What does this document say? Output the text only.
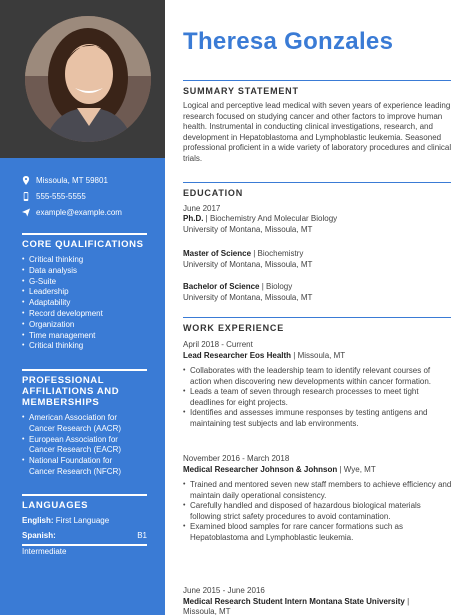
Missoula, MT 59801
555-555-5555
example@example.com
CORE QUALIFICATIONS
• Critical thinking
• Data analysis
• G-Suite
• Leadership
• Adaptability
• Record development
• Organization
• Time management
• Critical thinking
PROFESSIONAL
AFFILIATIONS AND
MEMBERSHIPS
• American Association for
Cancer Research (AACR)
• European Association for
Cancer Research (EACR)
• National Foundation for
Cancer Research (NFCR)
LANGUAGES
English: First Language
Spanish:	B1
Intermediate
Theresa Gonzales
SUMMARY STATEMENT
Logical and perceptive lead medical with seven years of experience leading research focused on studying cancer and other factors to improve human health. Instrumental in conducting clinical investigations, research, and development in Hepatoblastoma and Lymphoblastic leukemia. Seasoned professional proficient in a wide variety of laboratory procedures and clinical trials.
EDUCATION
June 2017
Ph.D. | Biochemistry And Molecular Biology
University of Montana, Missoula, MT
Master of Science | Biochemistry
University of Montana, Missoula, MT
Bachelor of Science | Biology
University of Montana, Missoula, MT
WORK EXPERIENCE
April 2018 - Current
Lead Researcher Eos Health | Missoula, MT
• Collaborates with the leadership team to identify relevant courses of action when discovering new developments within cancer formation.
• Leads a team of seven through research processes to meet tight deadlines for eight projects.
• Identifies and assesses immune responses by testing antigens and maintaining test subjects and lab environments.
November 2016 - March 2018
Medical Researcher Johnson & Johnson | Wye, MT
• Trained and mentored seven new staff members to achieve efficiency and maintain daily operational consistency.
• Carefully handled and disposed of hazardous biological materials following strict safety procedures to avoid contamination.
• Examined blood samples for rare cancer formations such as Hepatoblastoma and Lymphoblastic leukemia.
June 2015 - June 2016
Medical Research Student Intern Montana State University |
Missoula, MT
